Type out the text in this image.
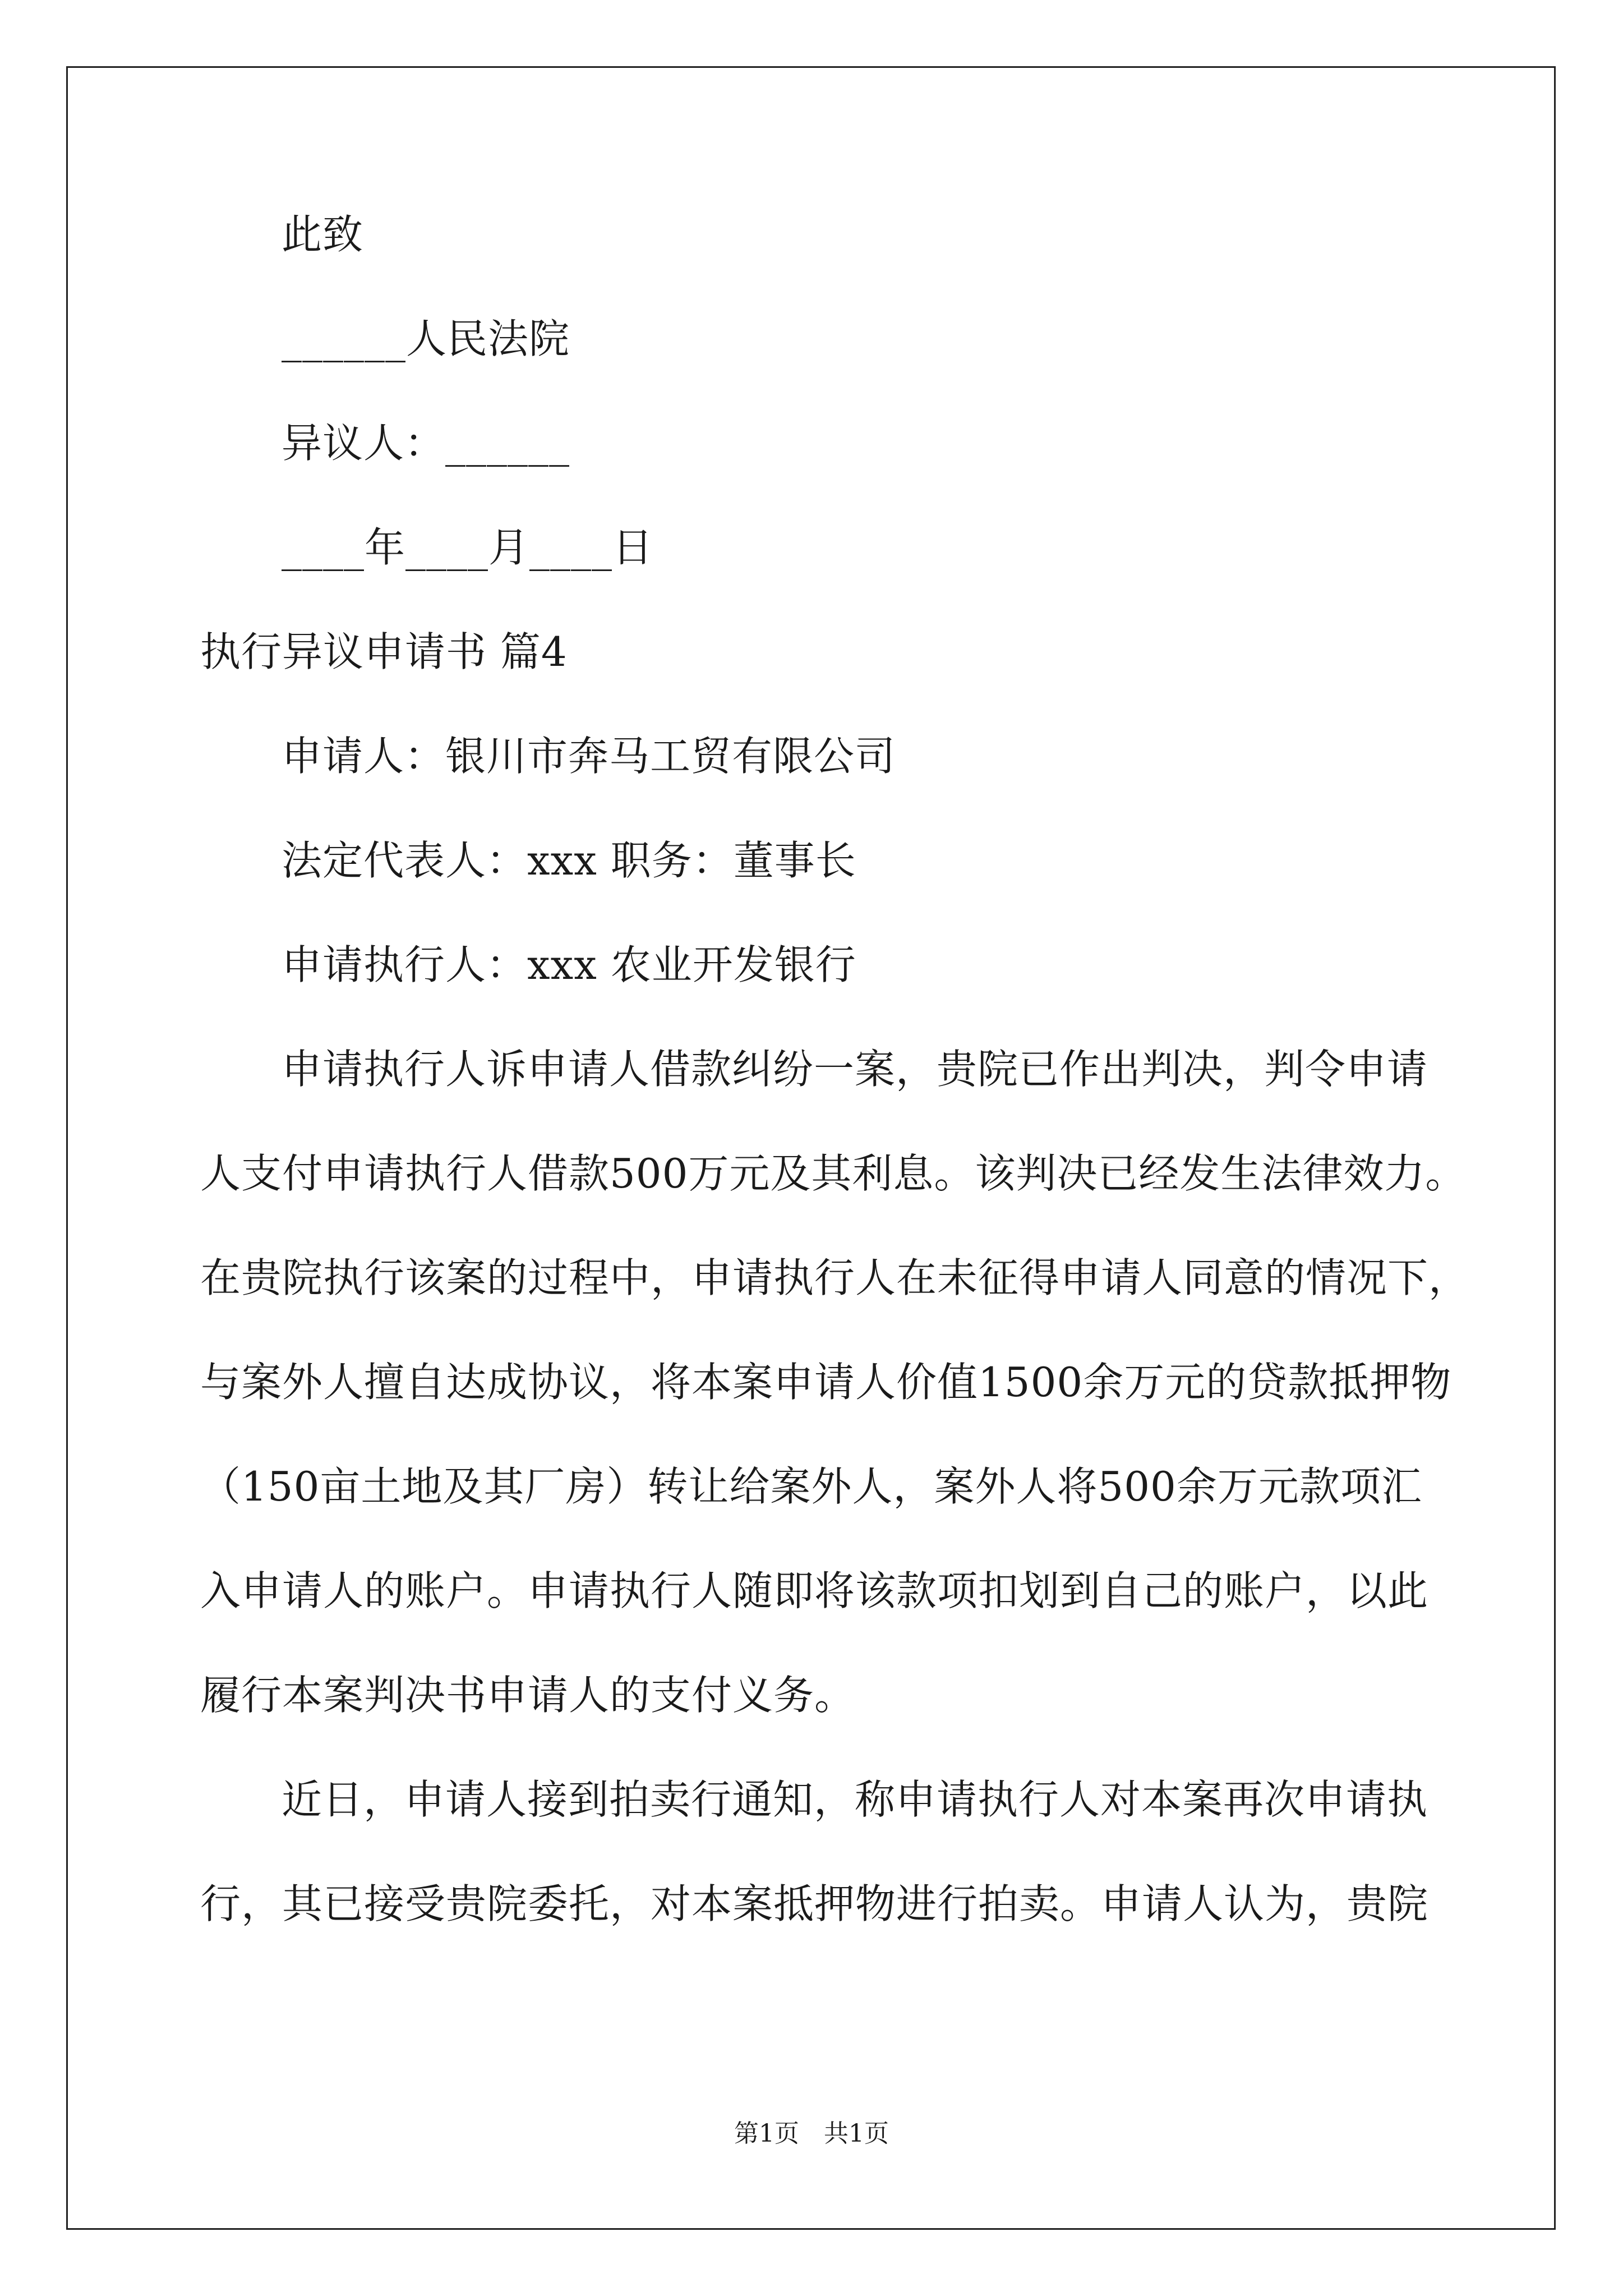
此致
______人民法院
异议人：______
____年____月____日
执行异议申请书 篇4
申请人：银川市奔马工贸有限公司
法定代表人：xxx 职务：董事长
申请执行人：xxx 农业开发银行
申请执行人诉申请人借款纠纷一案，贵院已作出判决，判令申请
人支付申请执行人借款500万元及其利息。该判决已经发生法律效力。
在贵院执行该案的过程中，申请执行人在未征得申请人同意的情况下，
与案外人擅自达成协议，将本案申请人价值1500余万元的贷款抵押物
（150亩土地及其厂房）转让给案外人，案外人将500余万元款项汇
入申请人的账户。申请执行人随即将该款项扣划到自己的账户，以此
履行本案判决书申请人的支付义务。
近日，申请人接到拍卖行通知，称申请执行人对本案再次申请执
行，其已接受贵院委托，对本案抵押物进行拍卖。申请人认为，贵院
第1页　共1页
